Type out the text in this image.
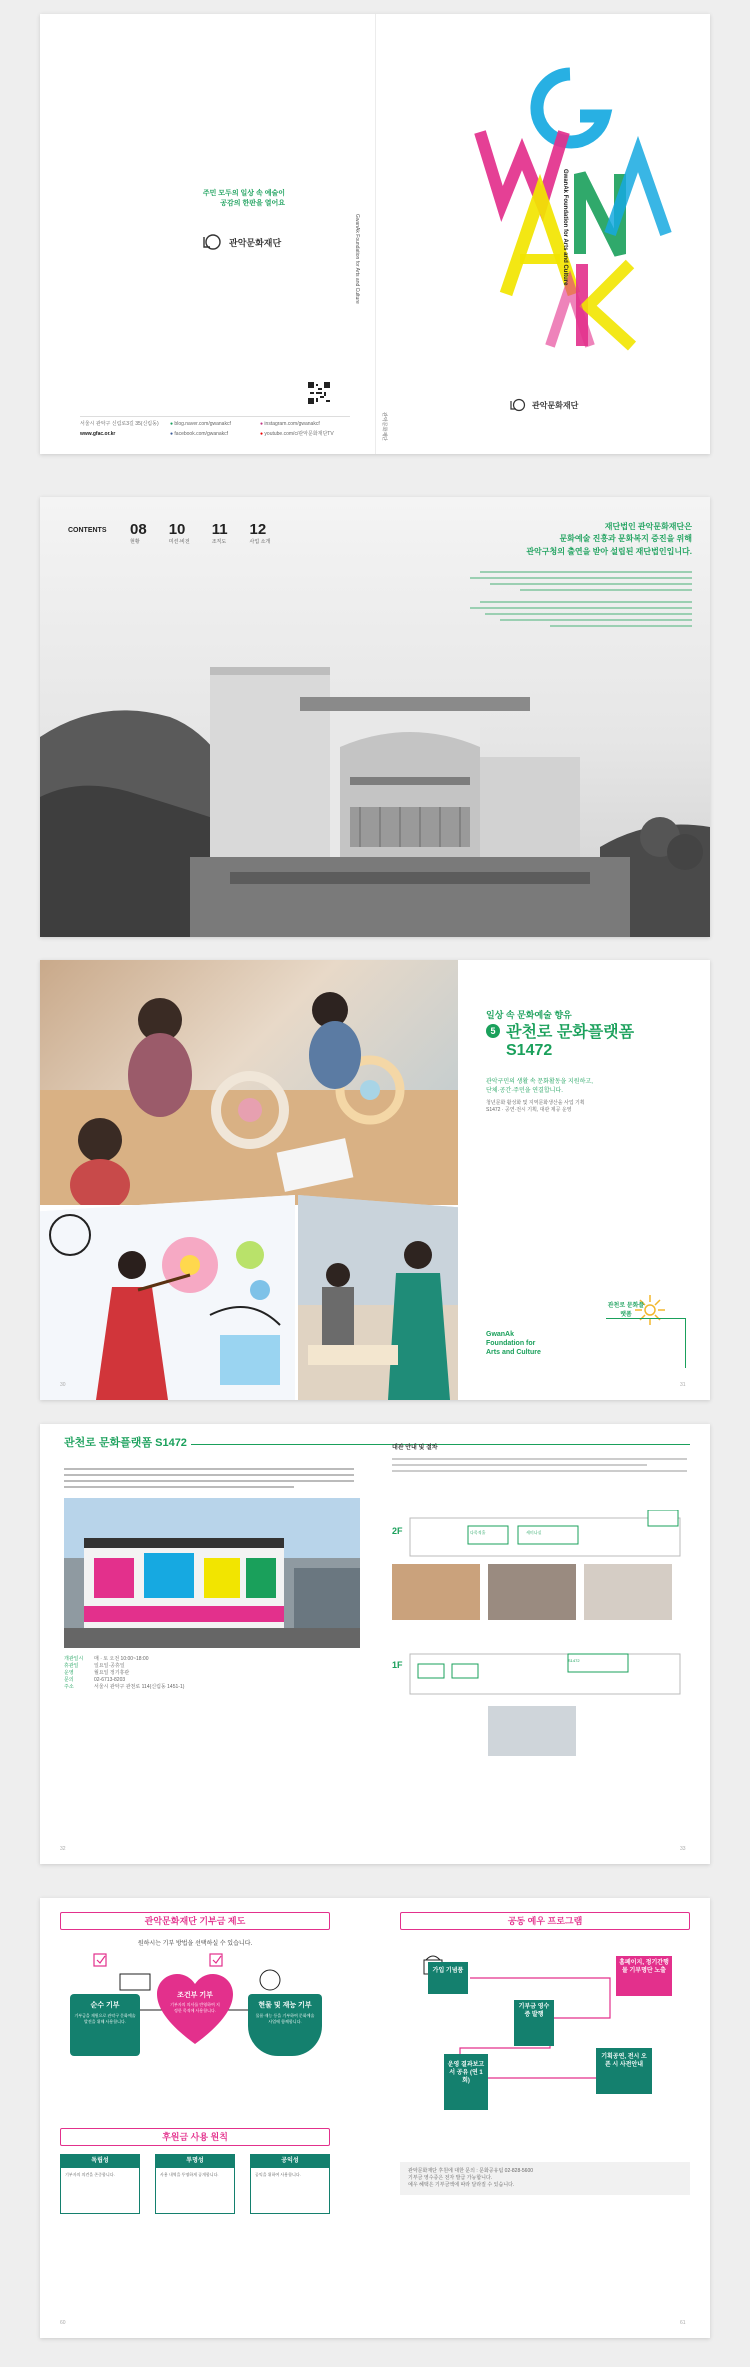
주민 모두의 일상 속 예술이
공감의 한판을 열어요
관악문화재단	GwanAk Foundation for Arts and Culture
관악문화재단
서울시 관악구 신림로3길 35(신림동)
www.gfac.or.kr
● blog.naver.com/gwanakcf
● facebook.com/gwanakcf
● instagram.com/gwanakcf
● youtube.com/c/관악문화재단TV
GwanAk Foundation for Arts and Culture
관악문화재단
CONTENTS 08
현황
10
미션·비전
11
조직도
12
사업 소개
재단법인 관악문화재단은
문화예술 진흥과 문화복지 증진을 위해
관악구청의 출연을 받아 설립된 재단법인입니다.
일상 속 문화예술 향유
5 관천로 문화플랫폼
S1472
관악구민의 생활 속 문화활동을 지원하고,
단체·공간·주민을 연결합니다.
청년문화 활성화 및 지역문화생산을 사업 기획
S1472 · 공연·전시 기획, 대관 제공 운영
관천로 문화플랫폼
GwanAk
Foundation for
Arts and Culture
30	31
관천로 문화플랫폼 S1472
개관일시	매 · 토 오전 10:00~18:00
휴관일	일요일·공휴일
운영	월요일 정기휴관
문의	02-6713-8203
주소	서울시 관악구 관천로 114(신림동 1451-1)
대관 안내 및 절차
2F	다목적홀	세미나실
1F	S1472
32	33
관악문화재단 기부금 제도	공동 예우 프로그램
원하시는 기부 방법을 선택하실 수 있습니다.
순수 기부
기부금을 재원으로 관악구 문화예술 발전을 위해 사용합니다.
조건부 기부
기부자의 의사를 반영하여 지정한 목적에 사용합니다.
현물 및 재능 기부
물품·재능 등을 기부하여 문화예술 사업에 함께합니다.
후원금 사용 원칙
독립성
기부자의 의견을 존중합니다.
투명성
사용 내역을 투명하게 공개합니다.
공익성
공익을 위하여 사용합니다.
가입 기념품
홈페이지, 정기간행물 기부명단 노출
기부금 영수증 발행
운영 결과보고서 공유 (연 1회)
기획공연, 전시 오픈 시 사전안내
관악문화재단 후원에 대한 문의 : 문화공유팀 02-828-5600
기부금 영수증은 전자 발급 가능합니다.
예우 혜택은 기부금액에 따라 달라질 수 있습니다.
60	61
